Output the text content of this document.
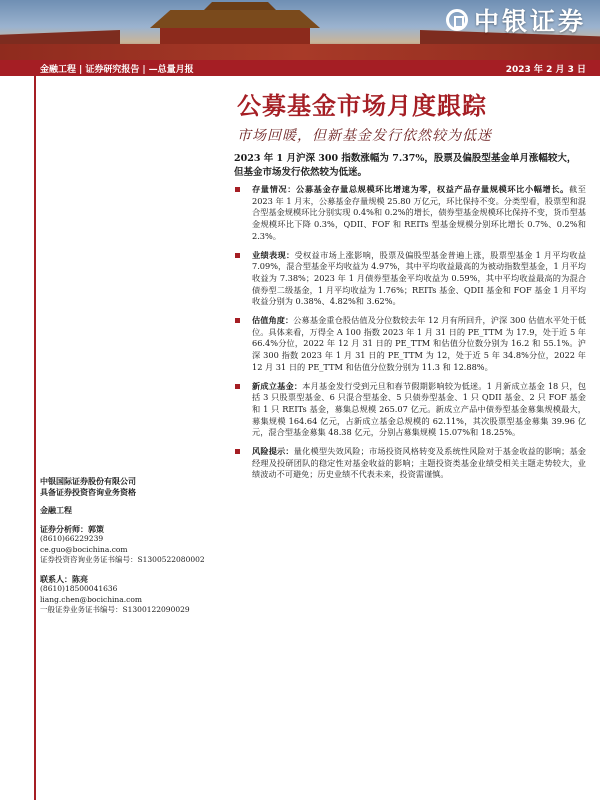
中银证券
金融工程 | 证券研究报告 | —总量月报	2023 年 2 月 3 日
公募基金市场月度跟踪
市场回暖，但新基金发行依然较为低迷
2023 年 1 月沪深 300 指数涨幅为 7.37%，股票及偏股型基金单月涨幅较大，但基金市场发行依然较为低迷。
存量情况：公募基金存量总规模环比增速为零，权益产品存量规模环比小幅增长。截至 2023 年 1 月末，公募基金存量规模 25.80 万亿元，环比保持不变。分类型看，股票型和混合型基金规模环比分别实现 0.4%和 0.2%的增长，债券型基金规模环比保持不变，货币型基金规模环比下降 0.3%，QDII、FOF 和 REITs 型基金规模分别环比增长 0.7%、0.2%和 2.3%。
业绩表现：受权益市场上涨影响，股票及偏股型基金普遍上涨，股票型基金 1 月平均收益 7.09%，混合型基金平均收益为 4.97%，其中平均收益最高的为被动指数型基金，1 月平均收益为 7.38%；2023 年 1 月债券型基金平均收益为 0.59%，其中平均收益最高的为混合债券型二级基金，1 月平均收益为 1.76%；REITs 基金、QDII 基金和 FOF 基金 1 月平均收益分别为 0.38%、4.82%和 3.62%。
估值角度：公募基金重仓股估值及分位数较去年 12 月有所回升，沪深 300 估值水平处于低位。具体来看，万得全 A 100 指数 2023 年 1 月 31 日的 PE_TTM 为 17.9，处于近 5 年 66.4%分位，2022 年 12 月 31 日的 PE_TTM 和估值分位数分别为 16.2 和 55.1%。沪深 300 指数 2023 年 1 月 31 日的 PE_TTM 为 12，处于近 5 年 34.8%分位，2022 年 12 月 31 日的 PE_TTM 和估值分位数分别为 11.3 和 12.88%。
新成立基金：本月基金发行受到元旦和春节假期影响较为低迷。1 月新成立基金 18 只，包括 3 只股票型基金、6 只混合型基金、5 只债券型基金、1 只 QDII 基金、2 只 FOF 基金和 1 只 REITs 基金，募集总规模 265.07 亿元。新成立产品中债券型基金募集规模最大，募集规模 164.64 亿元，占新成立基金总规模的 62.11%，其次股票型基金募集 39.96 亿元，混合型基金募集 48.38 亿元，分别占募集规模 15.07%和 18.25%。
风险提示：量化模型失效风险；市场投资风格转变及系统性风险对于基金收益的影响；基金经理及投研团队的稳定性对基金收益的影响；主题投资类基金业绩受相关主题走势较大，业绩波动不可避免；历史业绩不代表未来，投资需谨慎。
中银国际证券股份有限公司
具备证券投资咨询业务资格
金融工程
证券分析师：郭策
(8610)66229239
ce.guo@bocichina.com
证券投资咨询业务证书编号：S1300522080002
联系人：陈亮
(8610)18500041636
liang.chen@bocichina.com
一般证券业务证书编号：S1300122090029
